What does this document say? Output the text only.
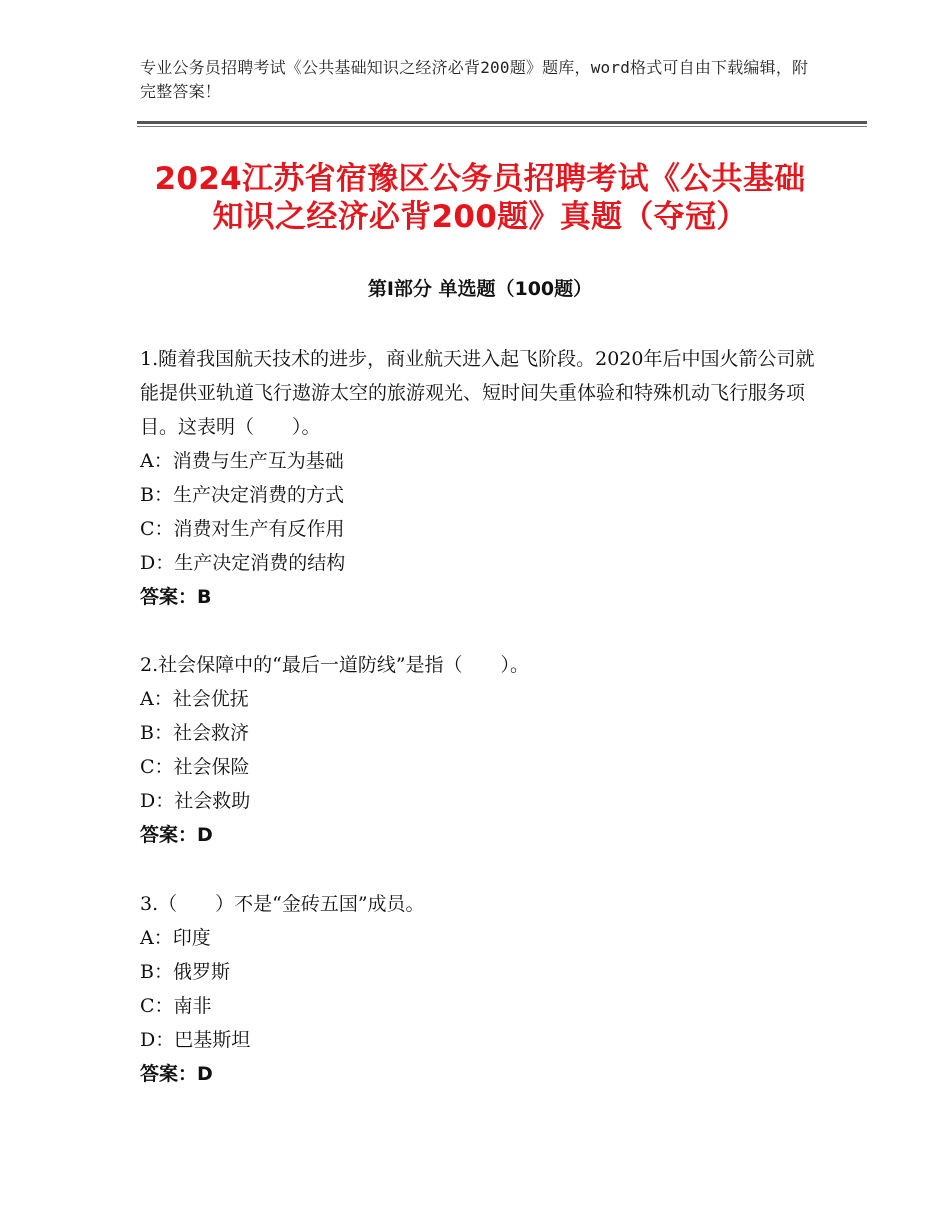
专业公务员招聘考试《公共基础知识之经济必背200题》题库，word格式可自由下载编辑，附完整答案！
2024江苏省宿豫区公务员招聘考试《公共基础知识之经济必背200题》真题（夺冠）
第Ⅰ部分 单选题（100题）

1.随着我国航天技术的进步，商业航天进入起飞阶段。2020年后中国火箭公司就能提供亚轨道飞行遨游太空的旅游观光、短时间失重体验和特殊机动飞行服务项目。这表明（　　）。

A：消费与生产互为基础

B：生产决定消费的方式

C：消费对生产有反作用

D：生产决定消费的结构

答案：B

2.社会保障中的“最后一道防线”是指（　　）。

A：社会优抚

B：社会救济

C：社会保险

D：社会救助

答案：D

3.（　　）不是“金砖五国”成员。

A：印度

B：俄罗斯

C：南非

D：巴基斯坦

答案：D
